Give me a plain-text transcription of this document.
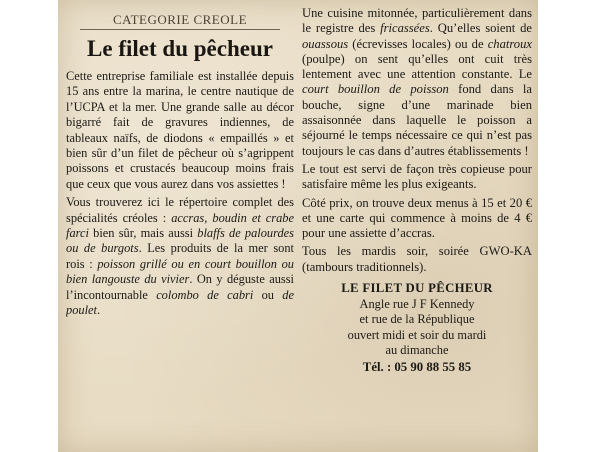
CATEGORIE CREOLE
Le filet du pêcheur
Cette entreprise familiale est installée depuis 15 ans entre la marina, le centre nautique de l’UCPA et la mer. Une grande salle au décor bigarré fait de gravures indiennes, de tableaux naïfs, de diodons « empaillés » et bien sûr d’un filet de pêcheur où s’agrippent poissons et crustacés beaucoup moins frais que ceux que vous aurez dans vos assiettes !
Vous trouverez ici le répertoire complet des spécialités créoles : accras, boudin et crabe farci bien sûr, mais aussi blaffs de palourdes ou de burgots. Les produits de la mer sont rois : poisson grillé ou en court bouillon ou bien langouste du vivier. On y déguste aussi l’incontournable colombo de cabri ou de poulet.
Une cuisine mitonnée, particulièrement dans le registre des fricassées. Qu’elles soient de ouassous (écrevisses locales) ou de chatroux (poulpe) on sent qu’elles ont cuit très lentement avec une attention constante. Le court bouillon de poisson fond dans la bouche, signe d’une marinade bien assaisonnée dans laquelle le poisson a séjourné le temps nécessaire ce qui n’est pas toujours le cas dans d’autres établissements !
Le tout est servi de façon très copieuse pour satisfaire même les plus exigeants.
Côté prix, on trouve deux menus à 15 et 20 € et une carte qui commence à moins de 4 € pour une assiette d’accras.
Tous les mardis soir, soirée GWO-KA (tambours traditionnels).
LE FILET DU PÊCHEUR
Angle rue J F Kennedy
et rue de la République
ouvert midi et soir du mardi
au dimanche
Tél. : 05 90 88 55 85
